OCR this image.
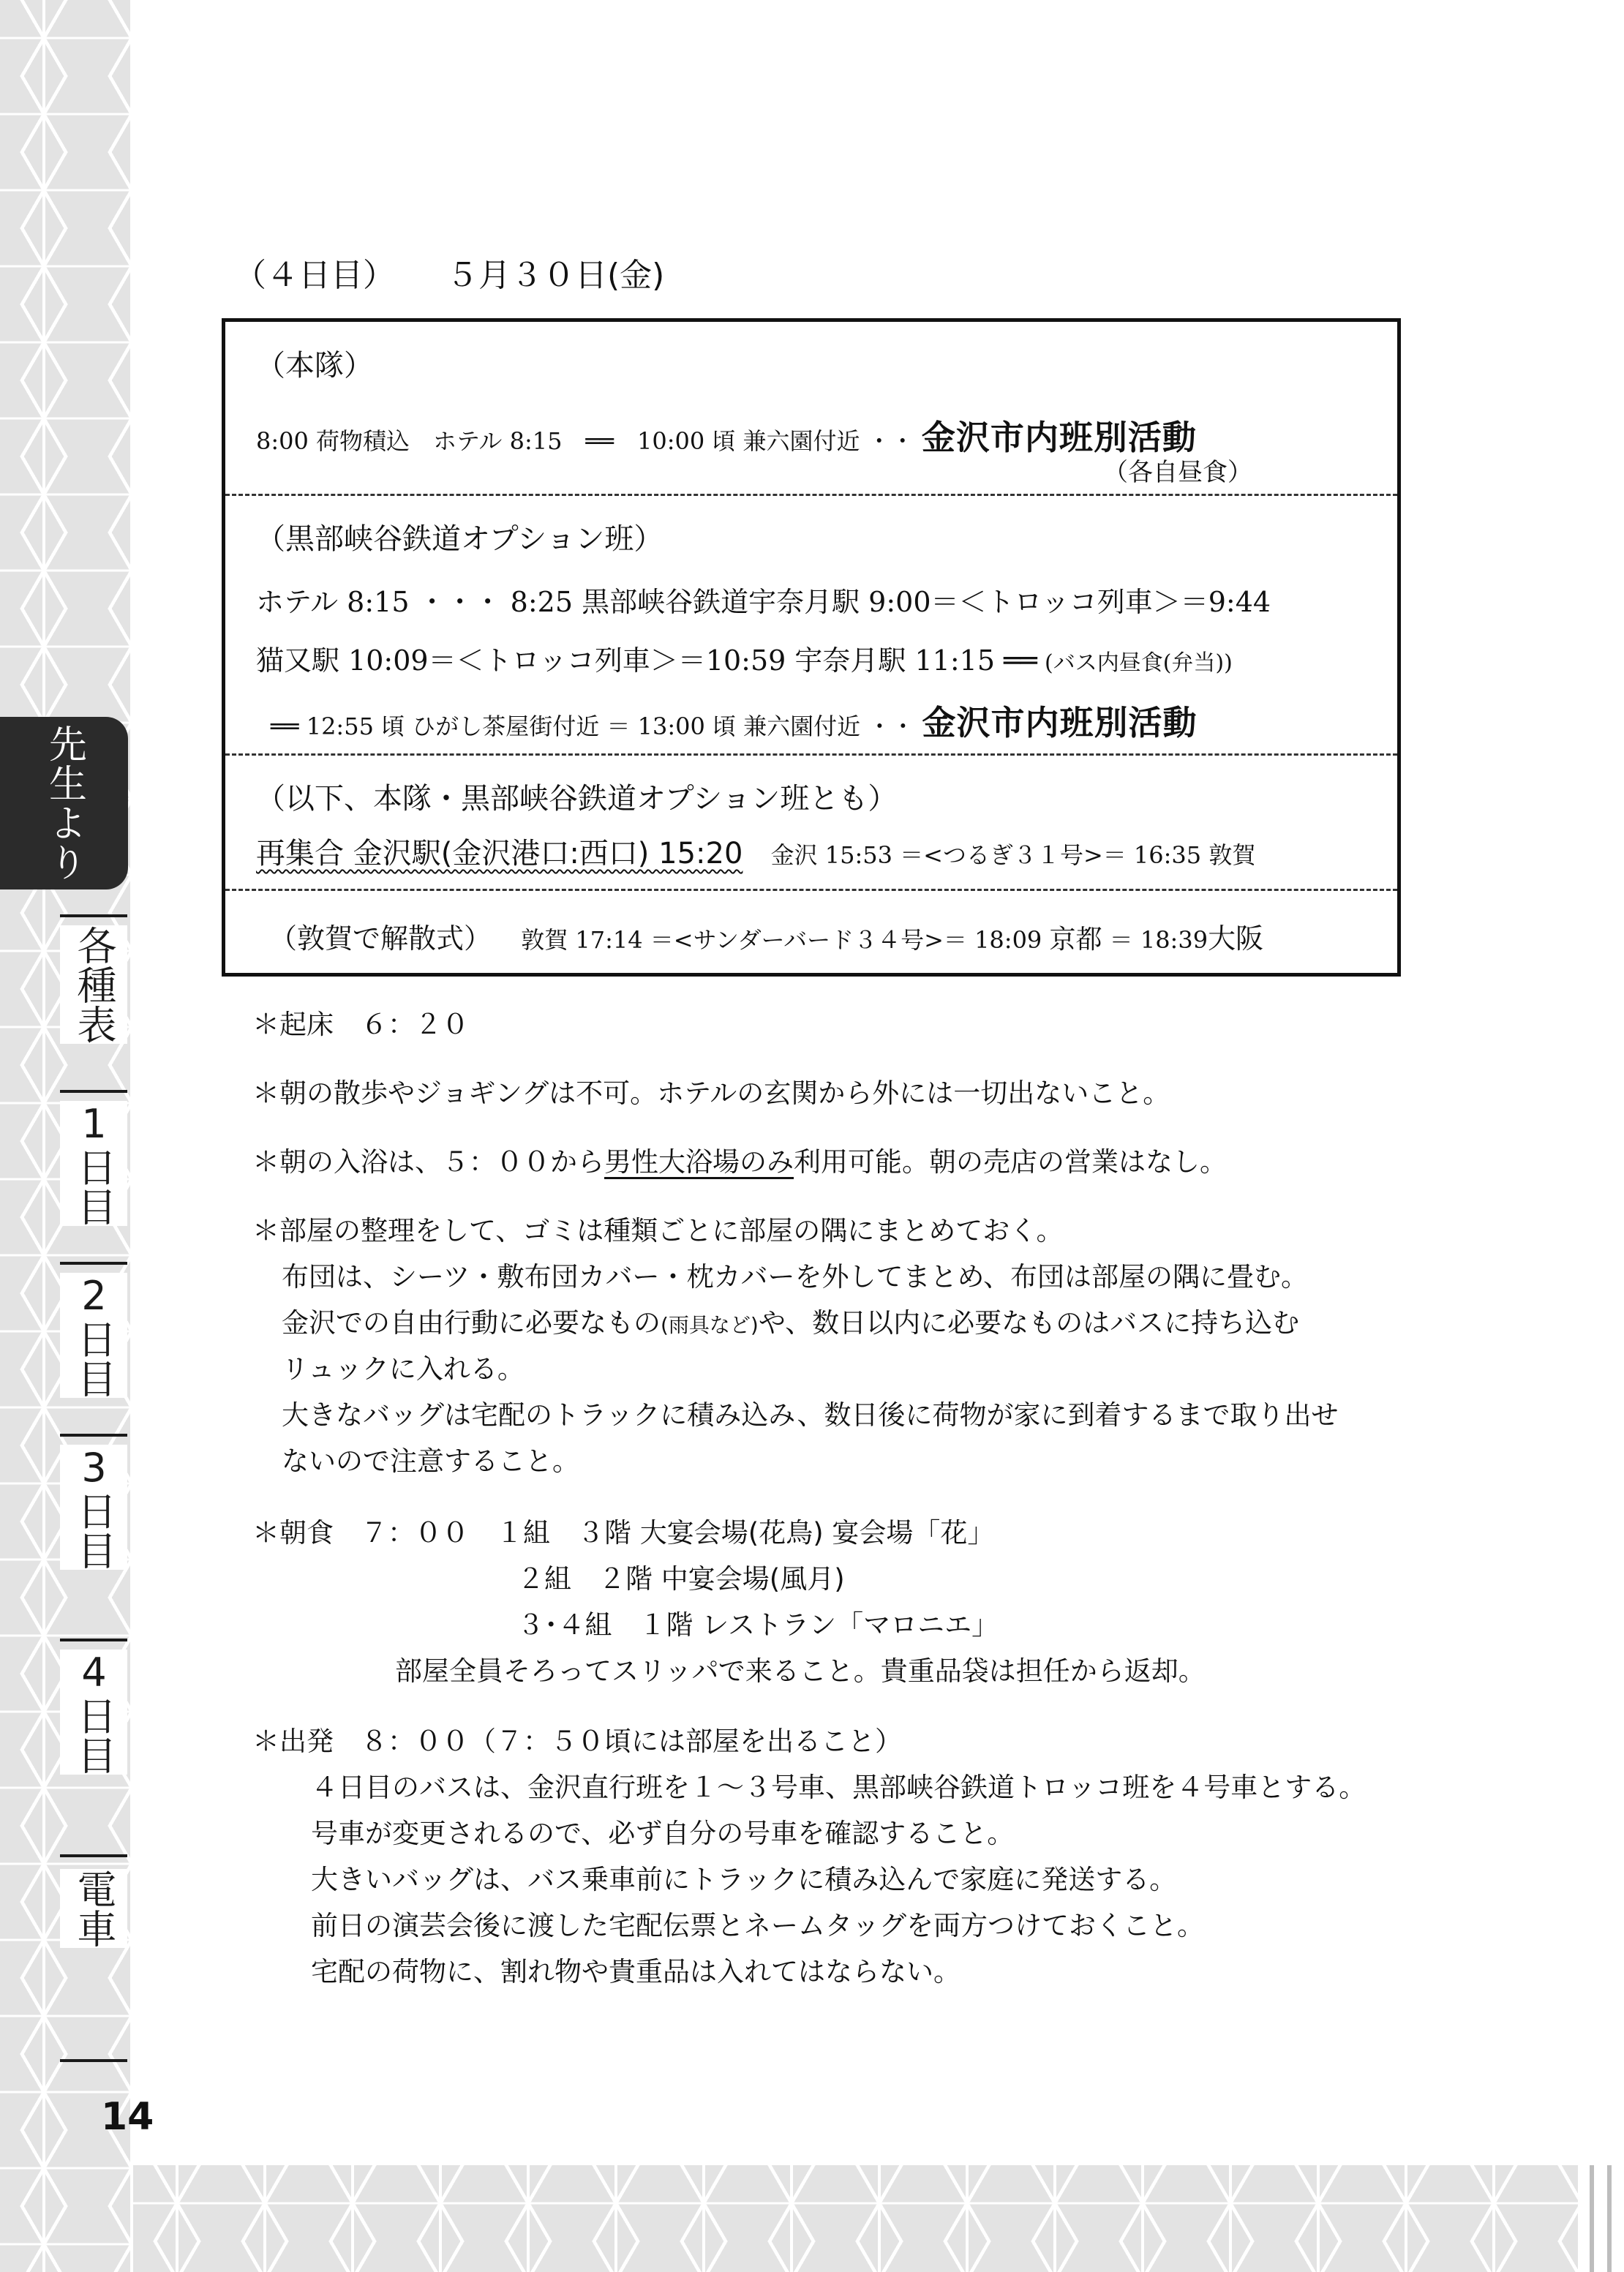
先生より
各種表
1日目
2日目
3日目
4日目
電車
14
（４日目） ５月３０日(金)
（本隊）
8:00 荷物積込　ホテル 8:15　══　10:00 頃 兼六園付近 ・・ 金沢市内班別活動
（各自昼食）
（黒部峡谷鉄道オプション班）
ホテル 8:15 ・・・ 8:25 黒部峡谷鉄道宇奈月駅 9:00＝＜トロッコ列車＞＝9:44
猫又駅 10:09＝＜トロッコ列車＞＝10:59 宇奈月駅 11:15 ══ (バス内昼食(弁当))
══ 12:55 頃 ひがし茶屋街付近 ＝ 13:00 頃 兼六園付近 ・・ 金沢市内班別活動
（以下、本隊・黒部峡谷鉄道オプション班とも）
再集合 金沢駅(金沢港口:西口) 15:20 金沢 15:53 ＝<つるぎ３１号>＝ 16:35 敦賀
（敦賀で解散式） 敦賀 17:14 ＝<サンダーバード３４号>＝ 18:09 京都 ＝ 18:39大阪
＊起床　６：２０
＊朝の散歩やジョギングは不可。ホテルの玄関から外には一切出ないこと。
＊朝の入浴は、５：００から男性大浴場のみ利用可能。朝の売店の営業はなし。
＊部屋の整理をして、ゴミは種類ごとに部屋の隅にまとめておく。
布団は、シーツ・敷布団カバー・枕カバーを外してまとめ、布団は部屋の隅に畳む。
金沢での自由行動に必要なもの(雨具など)や、数日以内に必要なものはバスに持ち込む
リュックに入れる。
大きなバッグは宅配のトラックに積み込み、数日後に荷物が家に到着するまで取り出せ
ないので注意すること。
＊朝食　７：００　１組　３階 大宴会場(花鳥) 宴会場「花」
２組　２階 中宴会場(風月)
３･４組　１階 レストラン「マロニエ」
部屋全員そろってスリッパで来ること。貴重品袋は担任から返却。
＊出発　８：００（７：５０頃には部屋を出ること）
４日目のバスは、金沢直行班を１～３号車、黒部峡谷鉄道トロッコ班を４号車とする。
号車が変更されるので、必ず自分の号車を確認すること。
大きいバッグは、バス乗車前にトラックに積み込んで家庭に発送する。
前日の演芸会後に渡した宅配伝票とネームタッグを両方つけておくこと。
宅配の荷物に、割れ物や貴重品は入れてはならない。
